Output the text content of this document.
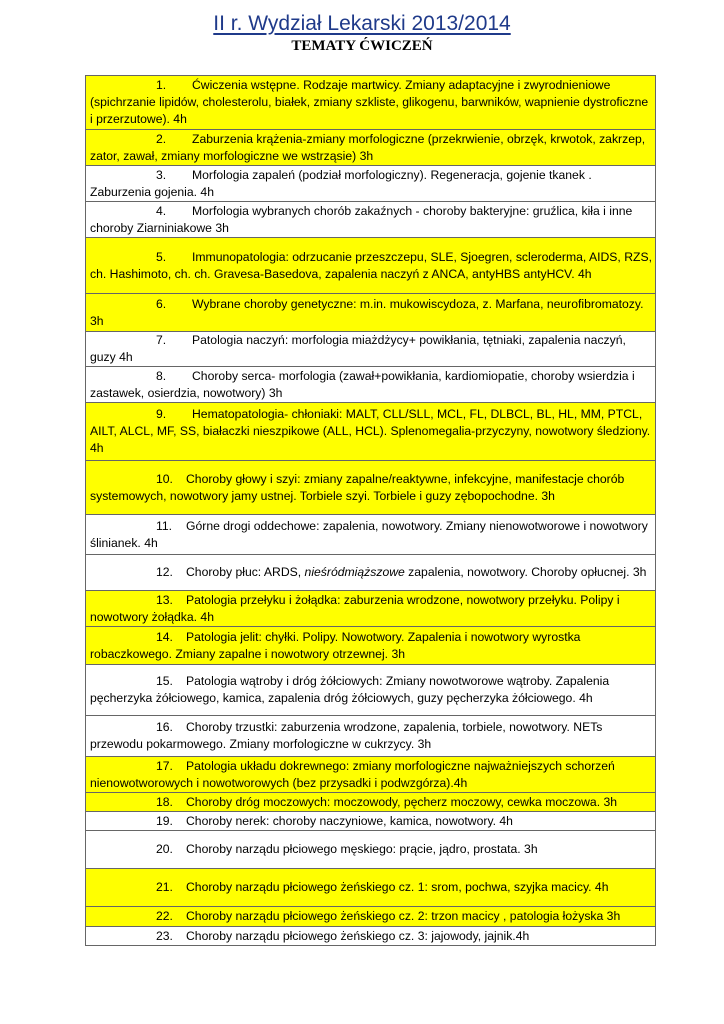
II r. Wydział Lekarski 2013/2014
TEMATY ĆWICZEŃ
1. Ćwiczenia wstępne. Rodzaje martwicy. Zmiany adaptacyjne i zwyrodnieniowe (spichrzanie lipidów, cholesterolu, białek, zmiany szkliste, glikogenu, barwników, wapnienie dystroficzne i przerzutowe). 4h
2. Zaburzenia krążenia-zmiany morfologiczne (przekrwienie, obrzęk, krwotok, zakrzep, zator, zawał, zmiany morfologiczne we wstrząsie) 3h
3. Morfologia zapaleń (podział morfologiczny). Regeneracja, gojenie tkanek . Zaburzenia gojenia. 4h
4. Morfologia wybranych chorób zakaźnych - choroby bakteryjne: gruźlica, kiła i inne choroby Ziarniniakowe 3h
5. Immunopatologia: odrzucanie przeszczepu, SLE, Sjoegren, scleroderma, AIDS, RZS, ch. Hashimoto, ch. ch. Gravesa-Basedova, zapalenia naczyń z ANCA, antyHBS antyHCV. 4h
6. Wybrane choroby genetyczne: m.in. mukowiscydoza, z. Marfana, neurofibromatozy. 3h
7. Patologia naczyń: morfologia miażdżycy+ powikłania, tętniaki, zapalenia naczyń, guzy 4h
8. Choroby serca- morfologia (zawał+powikłania, kardiomiopatie, choroby wsierdzia i zastawek, osierdzia, nowotwory) 3h
9. Hematopatologia- chłoniaki: MALT, CLL/SLL, MCL, FL, DLBCL, BL, HL, MM, PTCL, AILT, ALCL, MF, SS, białaczki nieszpikowe (ALL, HCL). Splenomegalia-przyczyny, nowotwory śledziony. 4h
10. Choroby głowy i szyi: zmiany zapalne/reaktywne, infekcyjne, manifestacje chorób systemowych, nowotwory jamy ustnej. Torbiele szyi. Torbiele i guzy zębopochodne. 3h
11. Górne drogi oddechowe: zapalenia, nowotwory. Zmiany nienowotworowe i nowotwory ślinianek. 4h
12. Choroby płuc: ARDS, nieśródmiąższowe zapalenia, nowotwory. Choroby opłucnej. 3h
13. Patologia przełyku i żołądka: zaburzenia wrodzone, nowotwory przełyku. Polipy i nowotwory żołądka. 4h
14. Patologia jelit: chyłki. Polipy. Nowotwory. Zapalenia i nowotwory wyrostka robaczkowego. Zmiany zapalne i nowotwory otrzewnej. 3h
15. Patologia wątroby i dróg żółciowych: Zmiany nowotworowe wątroby. Zapalenia pęcherzyka żółciowego, kamica, zapalenia dróg żółciowych, guzy pęcherzyka żółciowego. 4h
16. Choroby trzustki: zaburzenia wrodzone, zapalenia, torbiele, nowotwory. NETs przewodu pokarmowego. Zmiany morfologiczne w cukrzycy. 3h
17. Patologia układu dokrewnego: zmiany morfologiczne najważniejszych schorzeń nienowotworowych i nowotworowych (bez przysadki i podwzgórza).4h
18. Choroby dróg moczowych: moczowody, pęcherz moczowy, cewka moczowa. 3h
19. Choroby nerek: choroby naczyniowe, kamica, nowotwory. 4h
20. Choroby narządu płciowego męskiego: prącie, jądro, prostata. 3h
21. Choroby narządu płciowego żeńskiego cz. 1: srom, pochwa, szyjka macicy. 4h
22. Choroby narządu płciowego żeńskiego cz. 2: trzon macicy , patologia łożyska 3h
23. Choroby narządu płciowego żeńskiego cz. 3: jajowody, jajnik.4h
